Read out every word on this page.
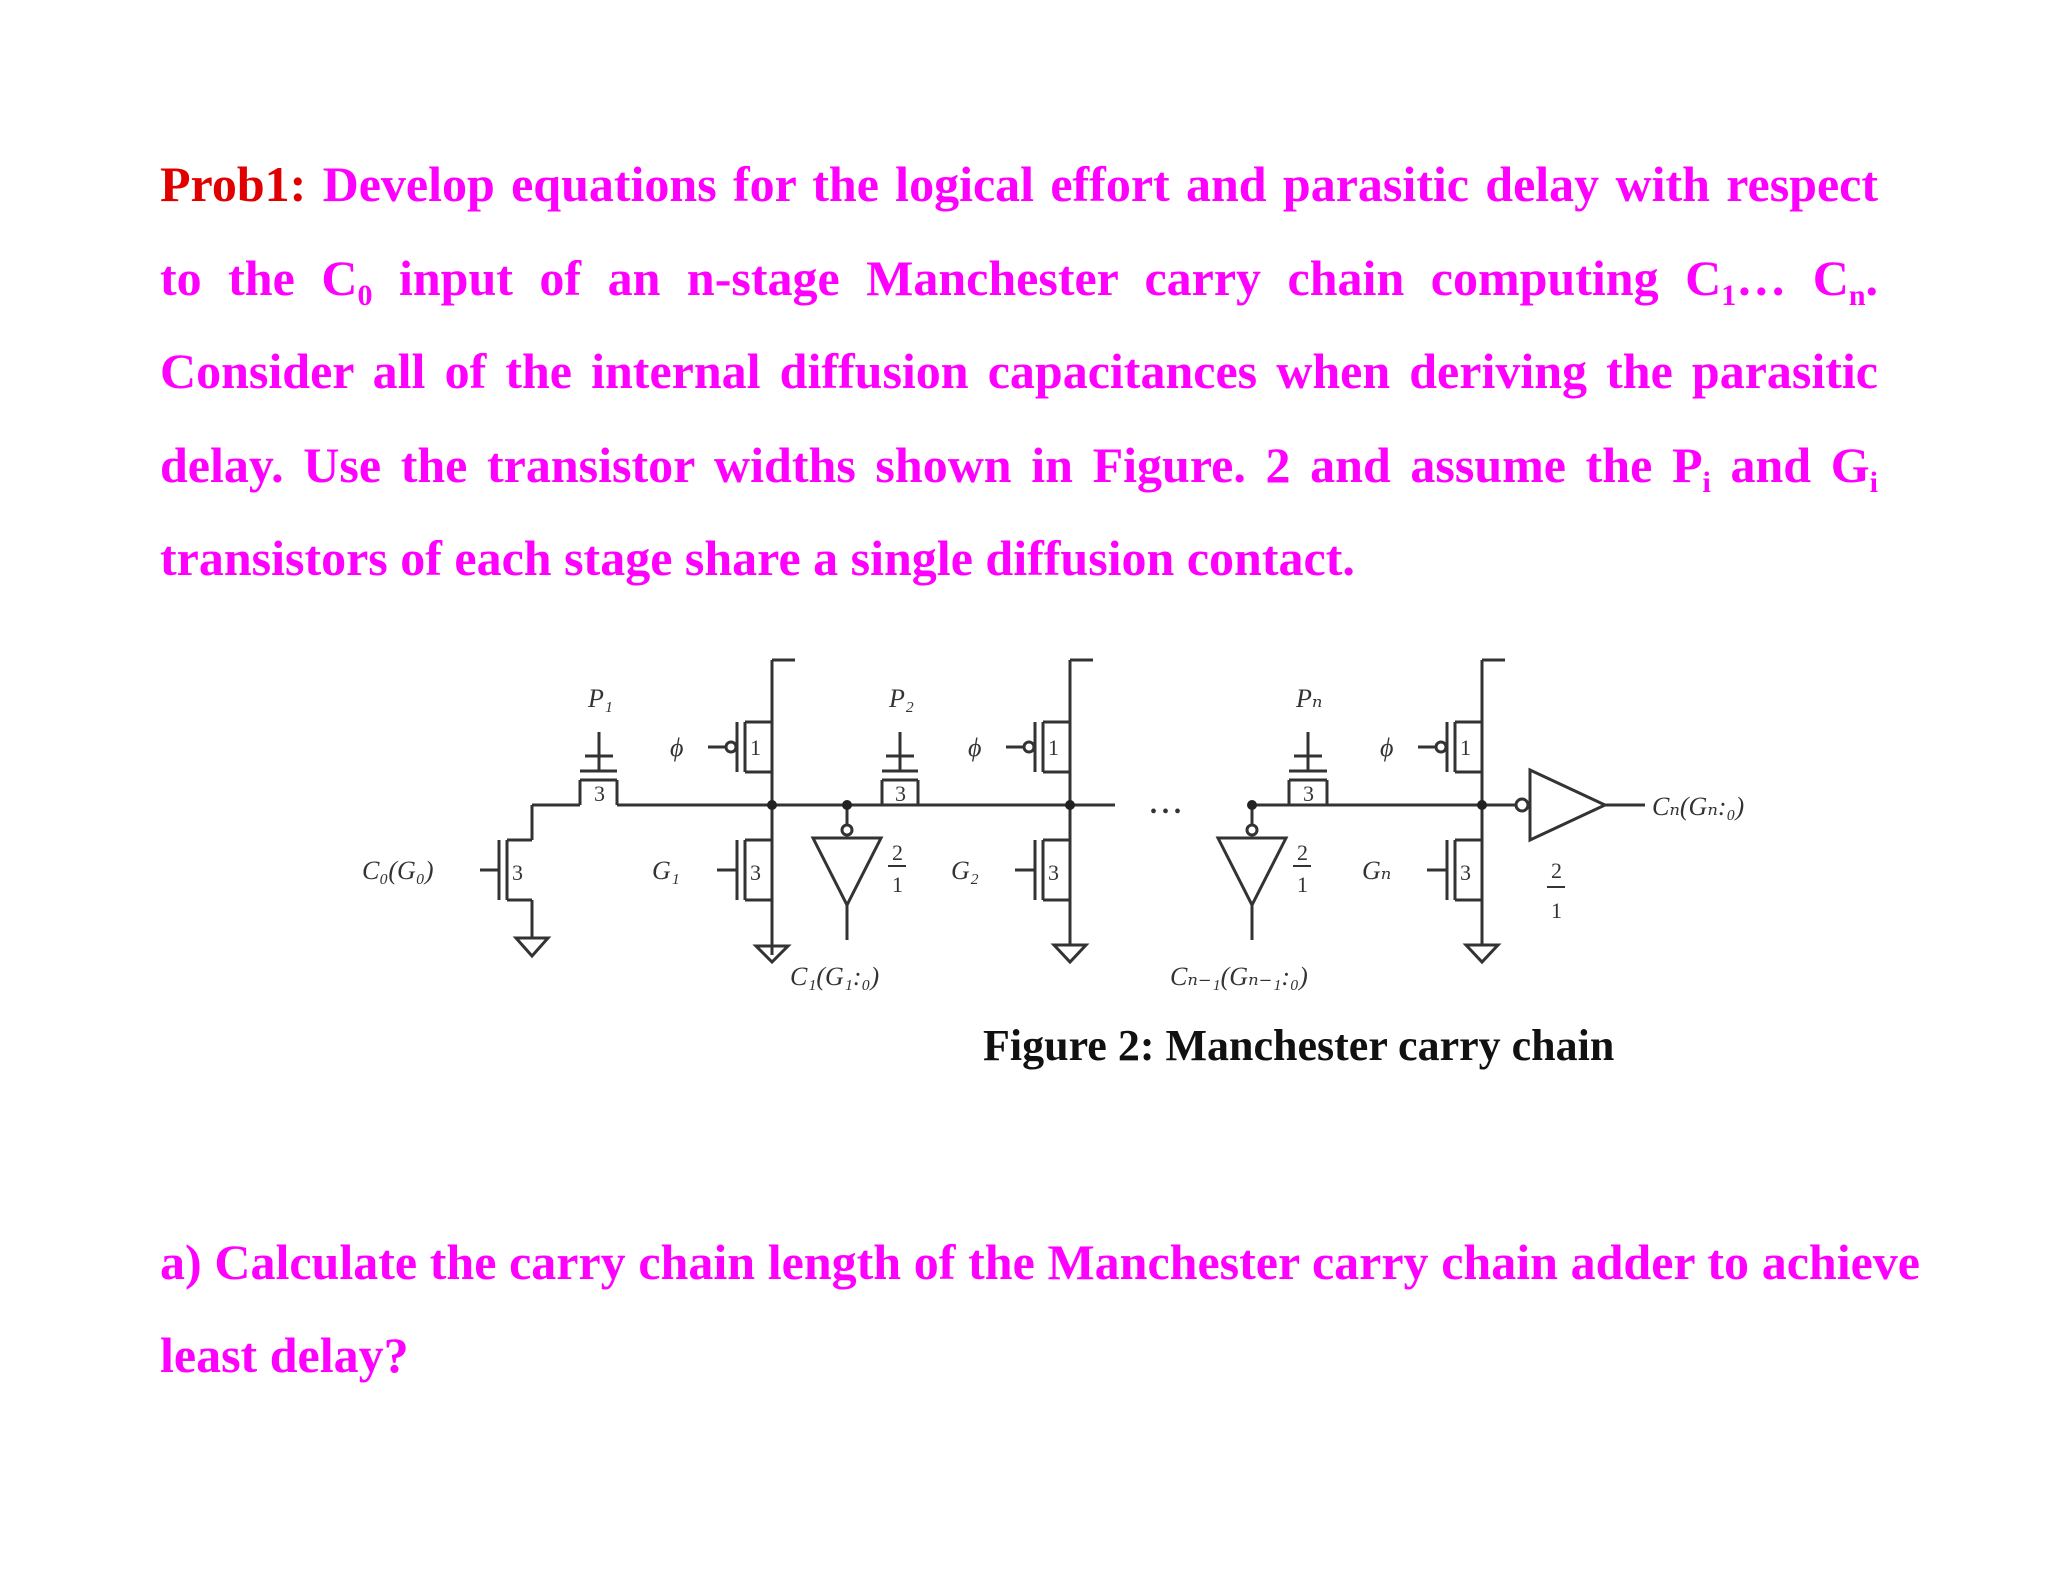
Prob1: Develop equations for the logical effort and parasitic delay with respect to the $C_0$ input of an n-stage Manchester carry chain computing $C_1\dots$ $C_n$. Consider all of the internal diffusion capacitances when deriving the parasitic delay. Use the transistor widths shown in Figure. 2 and assume the $P_i$ and $G_i$ transistors of each stage share a single diffusion contact.
3	3	3
3	3	3	3
1	1	1
2
1
2
1
2
1
P₁	P₂	Pₙ
ϕ	ϕ	ϕ
C₀(G₀)	G₁	G₂	Gₙ
C₁(G₁:₀)	Cₙ₋₁(Gₙ₋₁:₀)
Cₙ(Gₙ:₀)
• • •
Figure 2: Manchester carry chain
a) Calculate the carry chain length of the Manchester carry chain adder to achieve least delay?
